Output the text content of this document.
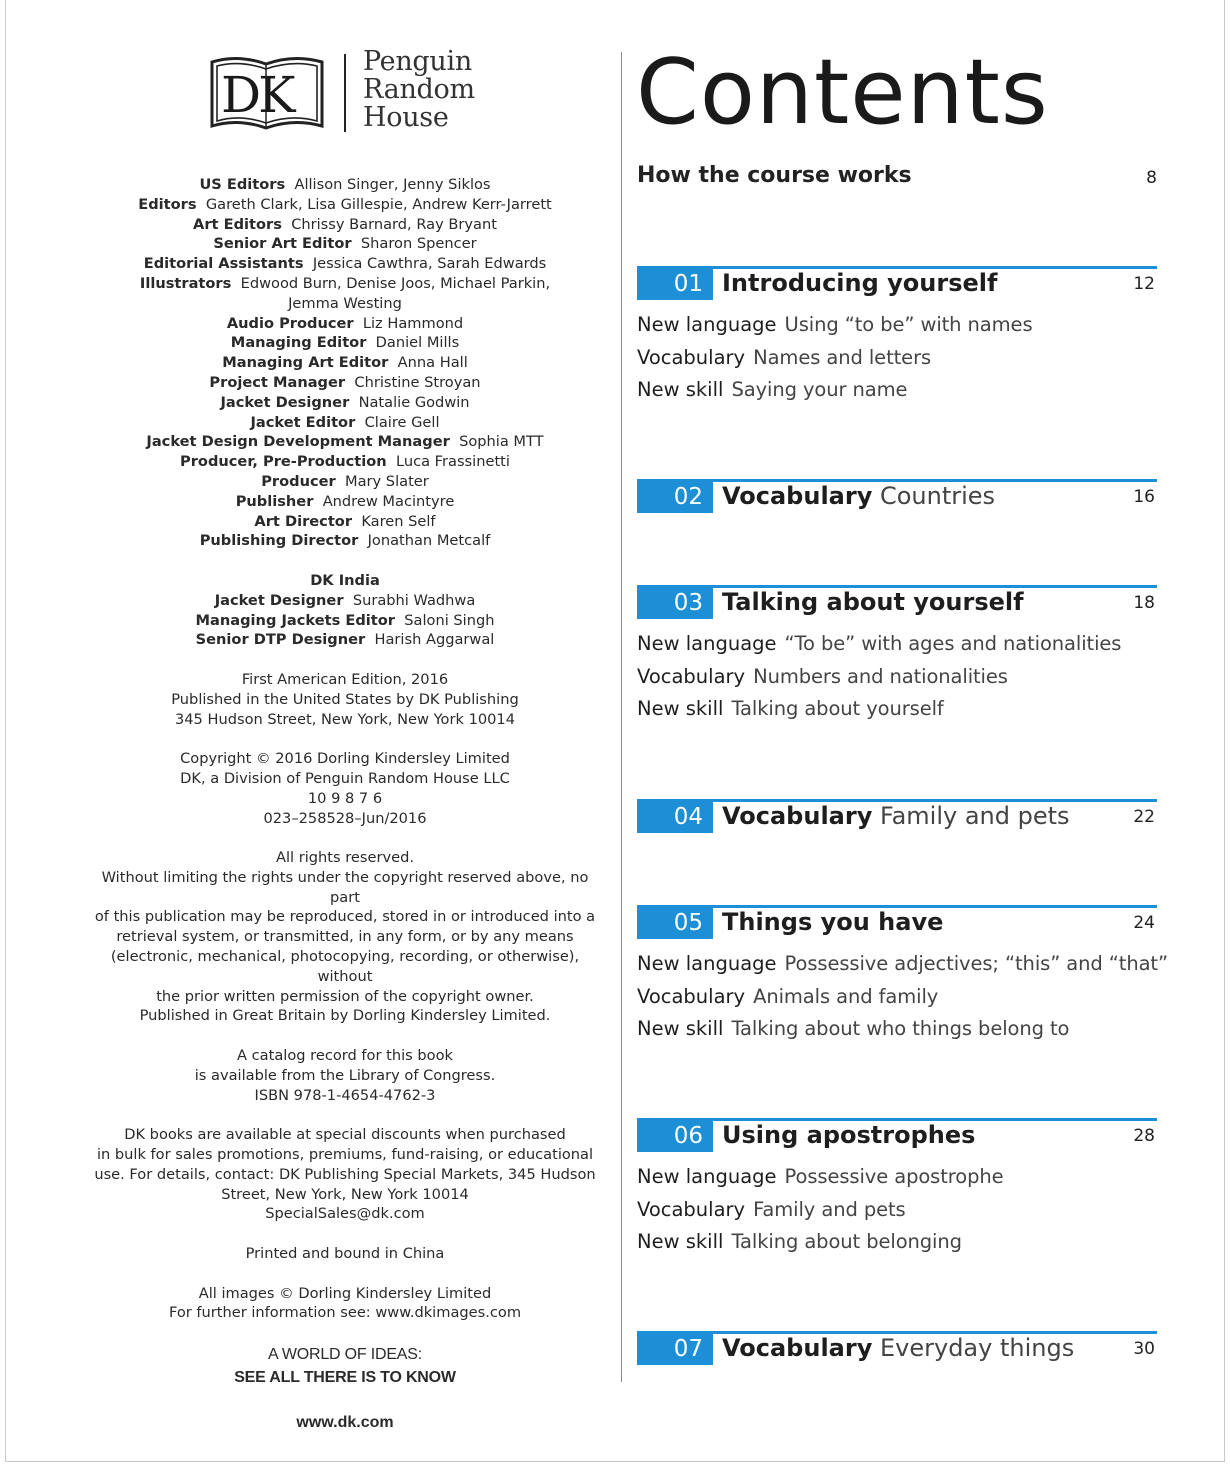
DK
Penguin
Random
House
US Editors Allison Singer, Jenny Siklos
Editors Gareth Clark, Lisa Gillespie, Andrew Kerr-Jarrett
Art Editors Chrissy Barnard, Ray Bryant
Senior Art Editor Sharon Spencer
Editorial Assistants Jessica Cawthra, Sarah Edwards
Illustrators Edwood Burn, Denise Joos, Michael Parkin,
Jemma Westing
Audio Producer Liz Hammond
Managing Editor Daniel Mills
Managing Art Editor Anna Hall
Project Manager Christine Stroyan
Jacket Designer Natalie Godwin
Jacket Editor Claire Gell
Jacket Design Development Manager Sophia MTT
Producer, Pre-Production Luca Frassinetti
Producer Mary Slater
Publisher Andrew Macintyre
Art Director Karen Self
Publishing Director Jonathan Metcalf
DK India
Jacket Designer Surabhi Wadhwa
Managing Jackets Editor Saloni Singh
Senior DTP Designer Harish Aggarwal
First American Edition, 2016
Published in the United States by DK Publishing
345 Hudson Street, New York, New York 10014
Copyright © 2016 Dorling Kindersley Limited
DK, a Division of Penguin Random House LLC
10 9 8 7 6
023–258528–Jun/2016
All rights reserved.
Without limiting the rights under the copyright reserved above, no part
of this publication may be reproduced, stored in or introduced into a
retrieval system, or transmitted, in any form, or by any means
(electronic, mechanical, photocopying, recording, or otherwise), without
the prior written permission of the copyright owner.
Published in Great Britain by Dorling Kindersley Limited.
A catalog record for this book
is available from the Library of Congress.
ISBN 978-1-4654-4762-3
DK books are available at special discounts when purchased
in bulk for sales promotions, premiums, fund-raising, or educational
use. For details, contact: DK Publishing Special Markets, 345 Hudson
Street, New York, New York 10014
SpecialSales@dk.com
Printed and bound in China
All images © Dorling Kindersley Limited
For further information see: www.dkimages.com
A WORLD OF IDEAS:
SEE ALL THERE IS TO KNOW
www.dk.com
Contents
How the course works	8
01 Introducing yourself	12
New language Using “to be” with names
Vocabulary Names and letters
New skill Saying your name
02 Vocabulary Countries	16
03 Talking about yourself	18
New language “To be” with ages and nationalities
Vocabulary Numbers and nationalities
New skill Talking about yourself
04 Vocabulary Family and pets	22
05 Things you have	24
New language Possessive adjectives; “this” and “that”
Vocabulary Animals and family
New skill Talking about who things belong to
06 Using apostrophes	28
New language Possessive apostrophe
Vocabulary Family and pets
New skill Talking about belonging
07 Vocabulary Everyday things	30
